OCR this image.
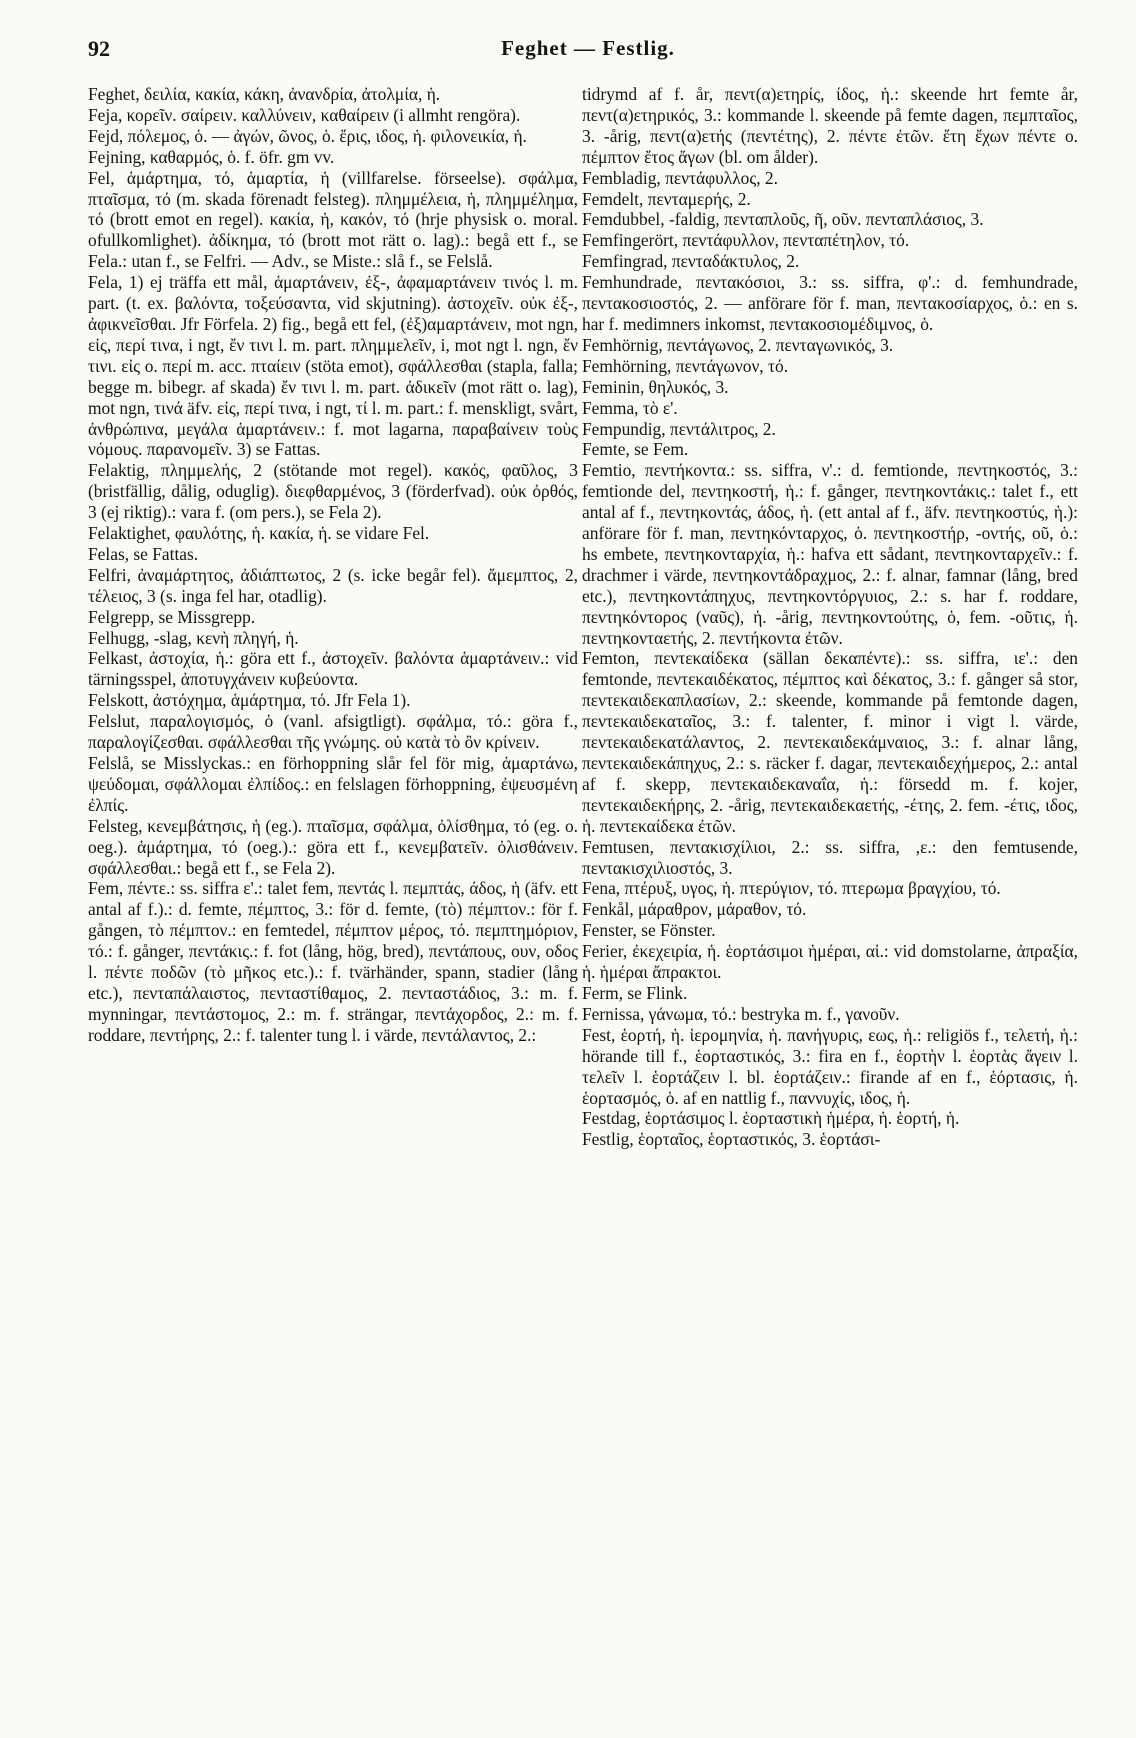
92	Feghet — Festlig.

Feghet, δειλία, κακία, κάκη, ἀνανδρία, ἀτολμία, ἡ.

Feja, κορεῖν. σαίρειν. καλλύνειν, καθαίρειν (i allmht rengöra).

Fejd, πόλεμος, ὁ. — ἀγών, ῶνος, ὁ. ἔρις, ιδος, ἡ. φιλονεικία, ἡ.

Fejning, καθαρμός, ὁ. f. öfr. gm vv.

Fel, ἁμάρτημα, τό, ἁμαρτία, ἡ (villfarelse. förseelse). σφάλμα, πταῖσμα, τό (m. skada förenadt felsteg). πλημμέλεια, ἡ, πλημμέλημα, τό (brott emot en regel). κακία, ἡ, κακόν, τό (hrje physisk o. moral. ofullkomlighet). ἀδίκημα, τό (brott mot rätt o. lag).: begå ett f., se Fela.: utan f., se Felfri. — Adv., se Miste.: slå f., se Felslå.

Fela, 1) ej träffa ett mål, ἁμαρτάνειν, ἐξ-, ἀφαμαρτάνειν τινός l. m. part. (t. ex. βαλόντα, τοξεύσαντα, vid skjutning). ἀστοχεῖν. οὐκ ἐξ-, ἀφικνεῖσθαι. Jfr Förfela. 2) fig., begå ett fel, (ἐξ)αμαρτάνειν, mot ngn, εἰς, περί τινα, i ngt, ἔν τινι l. m. part. πλημμελεῖν, i, mot ngt l. ngn, ἔν τινι. εἰς o. περί m. acc. πταίειν (stöta emot), σφάλλεσθαι (stapla, falla; begge m. bibegr. af skada) ἔν τινι l. m. part. ἀδικεῖν (mot rätt o. lag), mot ngn, τινά äfv. εἰς, περί τινα, i ngt, τί l. m. part.: f. menskligt, svårt, ἀνθρώπινα, μεγάλα ἁμαρτάνειν.: f. mot lagarna, παραβαίνειν τοὺς νόμους. παρανομεῖν. 3) se Fattas.

Felaktig, πλημμελής, 2 (stötande mot regel). κακός, φαῦλος, 3 (bristfällig, dålig, oduglig). διεφθαρμένος, 3 (förderfvad). οὐκ ὀρθός, 3 (ej riktig).: vara f. (om pers.), se Fela 2).

Felaktighet, φαυλότης, ἡ. κακία, ἡ. se vidare Fel.

Felas, se Fattas.

Felfri, ἀναμάρτητος, ἀδιάπτωτος, 2 (s. icke begår fel). ἄμεμπτος, 2, τέλειος, 3 (s. inga fel har, otadlig).

Felgrepp, se Missgrepp.

Felhugg, -slag, κενὴ πληγή, ἡ.

Felkast, ἀστοχία, ἡ.: göra ett f., ἀστοχεῖν. βαλόντα ἁμαρτάνειν.: vid tärningsspel, ἀποτυγχάνειν κυβεύοντα.

Felskott, ἀστόχημα, ἁμάρτημα, τό. Jfr Fela 1).

Felslut, παραλογισμός, ὁ (vanl. afsigtligt). σφάλμα, τό.: göra f., παραλογίζεσθαι. σφάλλεσθαι τῆς γνώμης. οὐ κατὰ τὸ ὂν κρίνειν.

Felslå, se Misslyckas.: en förhoppning slår fel för mig, ἁμαρτάνω, ψεύδομαι, σφάλλομαι ἐλπίδος.: en felslagen förhoppning, ἐψευσμένη ἐλπίς.

Felsteg, κενεμβάτησις, ἡ (eg.). πταῖσμα, σφάλμα, ὀλίσθημα, τό (eg. o. oeg.). ἁμάρτημα, τό (oeg.).: göra ett f., κενεμβατεῖν. ὀλισθάνειν. σφάλλεσθαι.: begå ett f., se Fela 2).

Fem, πέντε.: ss. siffra ε'.: talet fem, πεντάς l. πεμπτάς, άδος, ἡ (äfv. ett antal af f.).: d. femte, πέμπτος, 3.: för d. femte, (τὸ) πέμπτον.: för f. gången, τὸ πέμπτον.: en femtedel, πέμπτον μέρος, τό. πεμπτημόριον, τό.: f. gånger, πεντάκις.: f. fot (lång, hög, bred), πεντάπους, ουν, οδος l. πέντε ποδῶν (τὸ μῆκος etc.).: f. tvärhänder, spann, stadier (lång etc.), πενταπάλαιστος, πενταστίθαμος, 2. πενταστάδιος, 3.: m. f. mynningar, πεντάστομος, 2.: m. f. strängar, πεντάχορδος, 2.: m. f. roddare, πεντήρης, 2.: f. talenter tung l. i värde, πεντάλαντος, 2.:

tidrymd af f. år, πεντ(α)ετηρίς, ίδος, ἡ.: skeende hrt femte år, πεντ(α)ετηρικός, 3.: kommande l. skeende på femte dagen, πεμπταῖος, 3. -årig, πεντ(α)ετής (πεντέτης), 2. πέντε ἐτῶν. ἔτη ἔχων πέντε o. πέμπτον ἔτος ἄγων (bl. om ålder).

Fembladig, πεντάφυλλος, 2.

Femdelt, πενταμερής, 2.

Femdubbel, -faldig, πενταπλοῦς, ῆ, οῦν. πενταπλάσιος, 3.

Femfingerört, πεντάφυλλον, πενταπέτηλον, τό.

Femfingrad, πενταδάκτυλος, 2.

Femhundrade, πεντακόσιοι, 3.: ss. siffra, φ'.: d. femhundrade, πεντακοσιοστός, 2. — anförare för f. man, πεντακοσίαρχος, ὁ.: en s. har f. medimners inkomst, πεντακοσιομέδιμνος, ὁ.

Femhörnig, πεντάγωνος, 2. πενταγωνικός, 3.

Femhörning, πεντάγωνον, τό.

Feminin, θηλυκός, 3.

Femma, τὸ ε'.

Fempundig, πεντάλιτρος, 2.

Femte, se Fem.

Femtio, πεντήκοντα.: ss. siffra, ν'.: d. femtionde, πεντηκοστός, 3.: femtionde del, πεντηκοστή, ἡ.: f. gånger, πεντηκοντάκις.: talet f., ett antal af f., πεντηκοντάς, άδος, ἡ. (ett antal af f., äfv. πεντηκοστύς, ἡ.): anförare för f. man, πεντηκόνταρχος, ὁ. πεντηκοστήρ, -οντής, οῦ, ὁ.: hs embete, πεντηκονταρχία, ἡ.: hafva ett sådant, πεντηκονταρχεῖν.: f. drachmer i värde, πεντηκοντάδραχμος, 2.: f. alnar, famnar (lång, bred etc.), πεντηκοντάπηχυς, πεντηκοντόργυιος, 2.: s. har f. roddare, πεντηκόντορος (ναῦς), ἡ. -årig, πεντηκοντούτης, ὁ, fem. -οῦτις, ἡ. πεντηκονταετής, 2. πεντήκοντα ἐτῶν.

Femton, πεντεκαίδεκα (sällan δεκαπέντε).: ss. siffra, ιε'.: den femtonde, πεντεκαιδέκατος, πέμπτος καὶ δέκατος, 3.: f. gånger så stor, πεντεκαιδεκαπλασίων, 2.: skeende, kommande på femtonde dagen, πεντεκαιδεκαταῖος, 3.: f. talenter, f. minor i vigt l. värde, πεντεκαιδεκατάλαντος, 2. πεντεκαιδεκάμναιος, 3.: f. alnar lång, πεντεκαιδεκάπηχυς, 2.: s. räcker f. dagar, πεντεκαιδεχήμερος, 2.: antal af f. skepp, πεντεκαιδεκαναΐα, ἡ.: försedd m. f. kojer, πεντεκαιδεκήρης, 2. -årig, πεντεκαιδεκαετής, -έτης, 2. fem. -έτις, ιδος, ἡ. πεντεκαίδεκα ἐτῶν.

Femtusen, πεντακισχίλιοι, 2.: ss. siffra, ,ε.: den femtusende, πεντακισχιλιοστός, 3.

Fena, πτέρυξ, υγος, ἡ. πτερύγιον, τό. πτερωμα βραγχίου, τό.

Fenkål, μάραθρον, μάραθον, τό.

Fenster, se Fönster.

Ferier, ἐκεχειρία, ἡ. ἑορτάσιμοι ἡμέραι, αἱ.: vid domstolarne, ἀπραξία, ἡ. ἡμέραι ἄπρακτοι.

Ferm, se Flink.

Fernissa, γάνωμα, τό.: bestryka m. f., γανοῦν.

Fest, ἑορτή, ἡ. ἱερομηνία, ἡ. πανήγυρις, εως, ἡ.: religiös f., τελετή, ἡ.: hörande till f., ἑορταστικός, 3.: fira en f., ἑορτὴν l. ἑορτὰς ἄγειν l. τελεῖν l. ἑορτάζειν l. bl. ἑορτάζειν.: firande af en f., ἑόρτασις, ἡ. ἑορτασμός, ὁ. af en nattlig f., παννυχίς, ιδος, ἡ.

Festdag, ἑορτάσιμος l. ἑορταστικὴ ἡμέρα, ἡ. ἑορτή, ἡ.

Festlig, ἑορταῖος, ἑορταστικός, 3. ἑορτάσι-
